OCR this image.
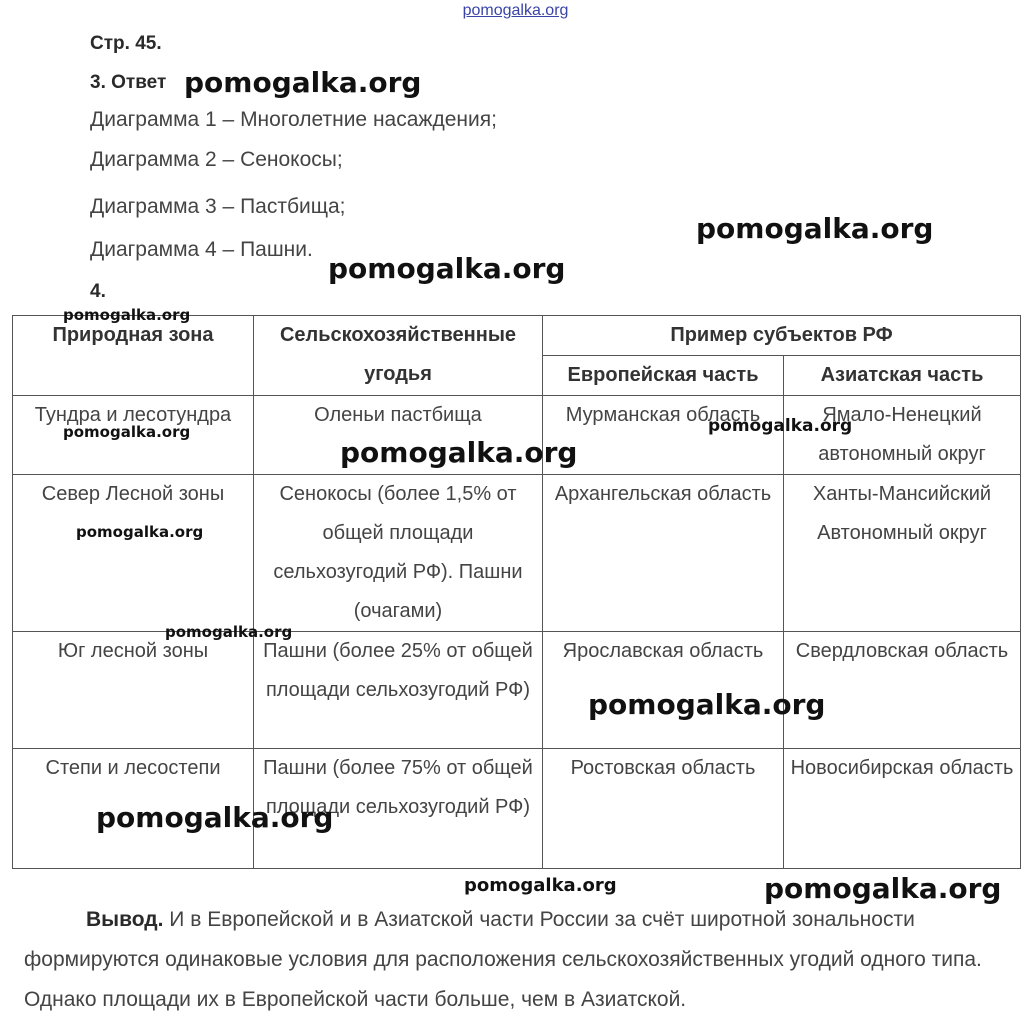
pomogalka.org
Стр. 45.
3. Ответ
Диаграмма 1 – Многолетние насаждения;
Диаграмма 2 – Сенокосы;
Диаграмма 3 – Пастбища;
Диаграмма 4 – Пашни.
4.
Природная зона	Сельскохозяйственные угодья	Пример субъектов РФ	
		Европейская часть	Азиатская часть
Тундра и лесотундра	Оленьи пастбища	Мурманская область	Ямало-Ненецкий автономный округ
Север Лесной зоны	Сенокосы (более 1,5% от общей площади сельхозугодий РФ). Пашни (очагами)	Архангельская область	Ханты-Мансийский Автономный округ
Юг лесной зоны	Пашни (более 25% от общей площади сельхозугодий РФ)	Ярославская область	Свердловская область
Степи и лесостепи	Пашни (более 75% от общей площади сельхозугодий РФ)	Ростовская область	Новосибирская область
Вывод. И в Европейской и в Азиатской части России за счёт широтной зональности формируются одинаковые условия для расположения сельскохозяйственных угодий одного типа. Однако площади их в Европейской части больше, чем в Азиатской.
pomogalka.org
pomogalka.org
pomogalka.org
pomogalka.org
pomogalka.org	pomogalka.org
pomogalka.org
pomogalka.org
pomogalka.org
pomogalka.org
pomogalka.org
pomogalka.org	pomogalka.org
